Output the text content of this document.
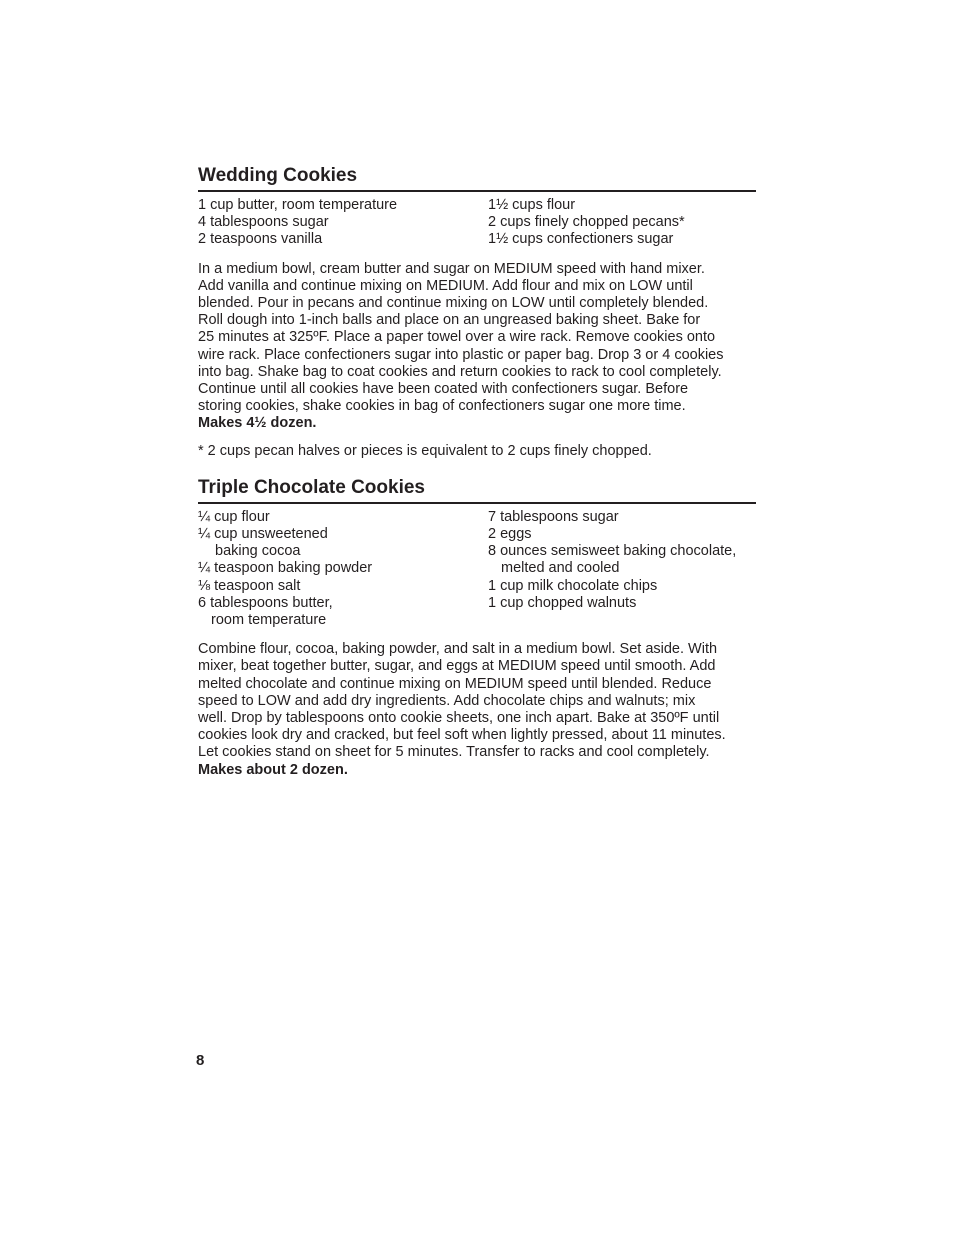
Wedding Cookies
1 cup butter, room temperature
4 tablespoons sugar
2 teaspoons vanilla
1½ cups flour
2 cups finely chopped pecans*
1½ cups confectioners sugar

In a medium bowl, cream butter and sugar on MEDIUM speed with hand mixer.
Add vanilla and continue mixing on MEDIUM. Add flour and mix on LOW until
blended. Pour in pecans and continue mixing on LOW until completely blended.
Roll dough into 1-inch balls and place on an ungreased baking sheet. Bake for
25 minutes at 325ºF. Place a paper towel over a wire rack. Remove cookies onto
wire rack. Place confectioners sugar into plastic or paper bag. Drop 3 or 4 cookies
into bag. Shake bag to coat cookies and return cookies to rack to cool completely.
Continue until all cookies have been coated with confectioners sugar. Before
storing cookies, shake cookies in bag of confectioners sugar one more time.
Makes 4½ dozen.

* 2 cups pecan halves or pieces is equivalent to 2 cups finely chopped.

Triple Chocolate Cookies
¼ cup flour
¼ cup unsweetened
baking cocoa
¼ teaspoon baking powder
⅛ teaspoon salt
6 tablespoons butter,
room temperature
7 tablespoons sugar
2 eggs
8 ounces semisweet baking chocolate,
melted and cooled
1 cup milk chocolate chips
1 cup chopped walnuts

Combine flour, cocoa, baking powder, and salt in a medium bowl. Set aside. With
mixer, beat together butter, sugar, and eggs at MEDIUM speed until smooth. Add
melted chocolate and continue mixing on MEDIUM speed until blended. Reduce
speed to LOW and add dry ingredients. Add chocolate chips and walnuts; mix
well. Drop by tablespoons onto cookie sheets, one inch apart. Bake at 350ºF until
cookies look dry and cracked, but feel soft when lightly pressed, about 11 minutes.
Let cookies stand on sheet for 5 minutes. Transfer to racks and cool completely.
Makes about 2 dozen.

8
